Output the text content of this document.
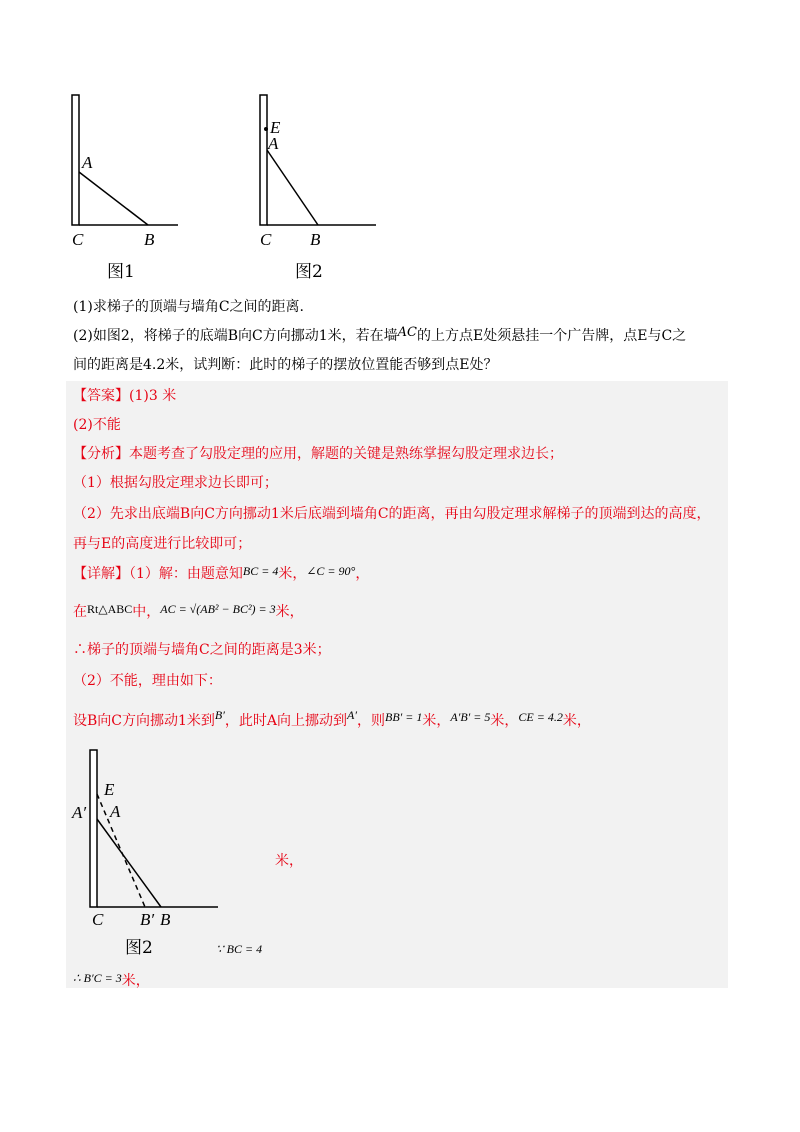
A
C	B
图1
E
A
C B
图2
(1)求梯子的顶端与墙角C之间的距离.
(2)如图2，将梯子的底端B向C方向挪动1米，若在墙AC的上方点E处须悬挂一个广告牌，点E与C之
间的距离是4.2米，试判断：此时的梯子的摆放位置能否够到点E处？
【答案】(1)3 米
(2)不能
【分析】本题考查了勾股定理的应用，解题的关键是熟练掌握勾股定理求边长；
（1）根据勾股定理求边长即可；
（2）先求出底端B向C方向挪动1米后底端到墙角C的距离，再由勾股定理求解梯子的顶端到达的高度，
再与E的高度进行比较即可；
【详解】（1）解：由题意知BC = 4米，∠C = 90°，
在Rt△ABC中，AC = √(AB² − BC²) = 3米，
∴梯子的顶端与墙角C之间的距离是3米；
（2）不能，理由如下：
设B向C方向挪动1米到B′，此时A向上挪动到A′，则BB′ = 1米，A′B′ = 5米，CE = 4.2米，
A′
E
A
C B′ B
图2
米，
∵ BC = 4
∴ B′C = 3米，
